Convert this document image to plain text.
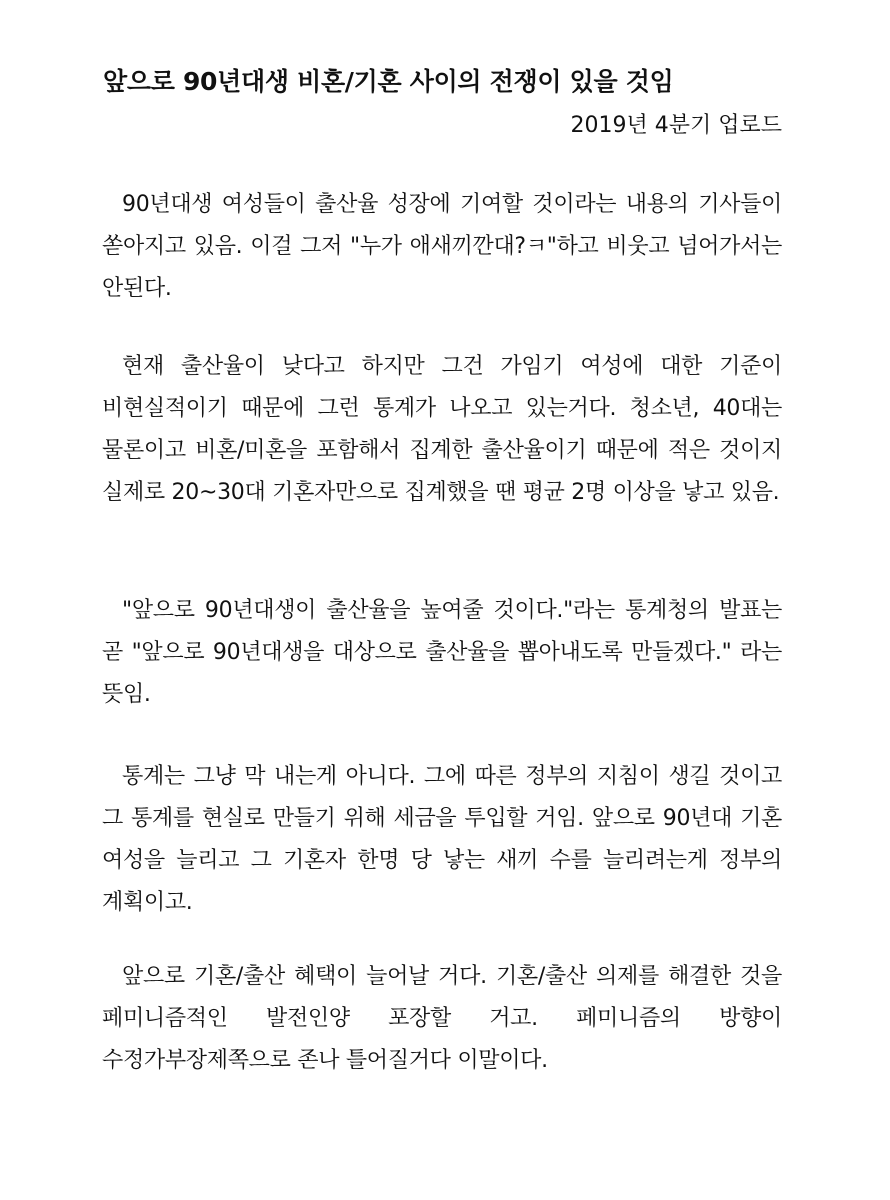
앞으로 90년대생 비혼/기혼 사이의 전쟁이 있을 것임

2019년 4분기 업로드

90년대생 여성들이 출산율 성장에 기여할 것이라는 내용의 기사들이 쏟아지고 있음. 이걸 그저 "누가 애새끼깐대?ㅋ"하고 비웃고 넘어가서는 안된다.

현재 출산율이 낮다고 하지만 그건 가임기 여성에 대한 기준이 비현실적이기 때문에 그런 통계가 나오고 있는거다. 청소년, 40대는 물론이고 비혼/미혼을 포함해서 집계한 출산율이기 때문에 적은 것이지 실제로 20~30대 기혼자만으로 집계했을 땐 평균 2명 이상을 낳고 있음.

"앞으로 90년대생이 출산율을 높여줄 것이다."라는 통계청의 발표는 곧 "앞으로 90년대생을 대상으로 출산율을 뽑아내도록 만들겠다." 라는 뜻임.

통계는 그냥 막 내는게 아니다. 그에 따른 정부의 지침이 생길 것이고 그 통계를 현실로 만들기 위해 세금을 투입할 거임. 앞으로 90년대 기혼 여성을 늘리고 그 기혼자 한명 당 낳는 새끼 수를 늘리려는게 정부의 계획이고.

앞으로 기혼/출산 혜택이 늘어날 거다. 기혼/출산 의제를 해결한 것을 페미니즘적인 발전인양 포장할 거고. 페미니즘의 방향이 수정가부장제쪽으로 존나 틀어질거다 이말이다.
